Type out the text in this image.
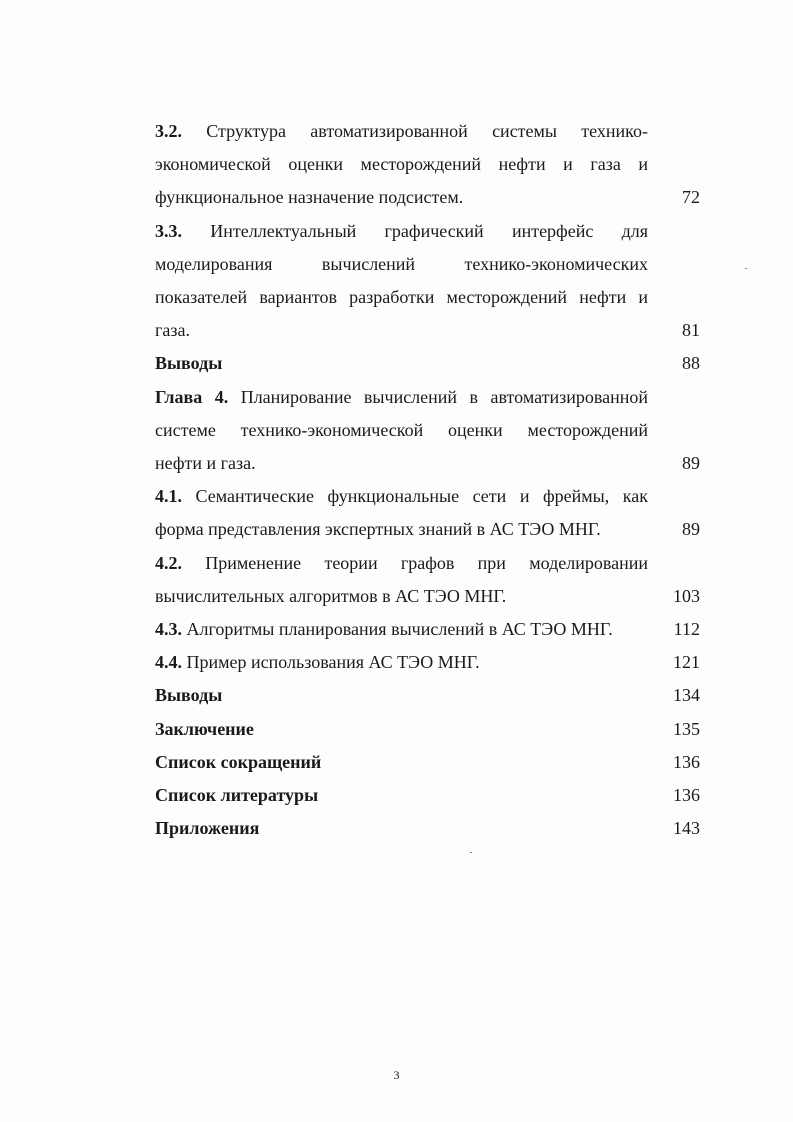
3.2. Структура автоматизированной системы технико-
экономической оценки месторождений нефти и газа и
функциональное назначение подсистем.	72
3.3. Интеллектуальный графический интерфейс для
моделирования вычислений технико-экономических
показателей вариантов разработки месторождений нефти и
газа.	81
Выводы	88
Глава 4. Планирование вычислений в автоматизированной
системе технико-экономической оценки месторождений
нефти и газа.	89
4.1. Семантические функциональные сети и фреймы, как
форма представления экспертных знаний в АС ТЭО МНГ.	89
4.2. Применение теории графов при моделировании
вычислительных алгоритмов в АС ТЭО МНГ.	103
4.3. Алгоритмы планирования вычислений в АС ТЭО МНГ.	112
4.4. Пример использования АС ТЭО МНГ.	121
Выводы	134
Заключение	135
Список сокращений	136
Список литературы	136
Приложения	143
3
